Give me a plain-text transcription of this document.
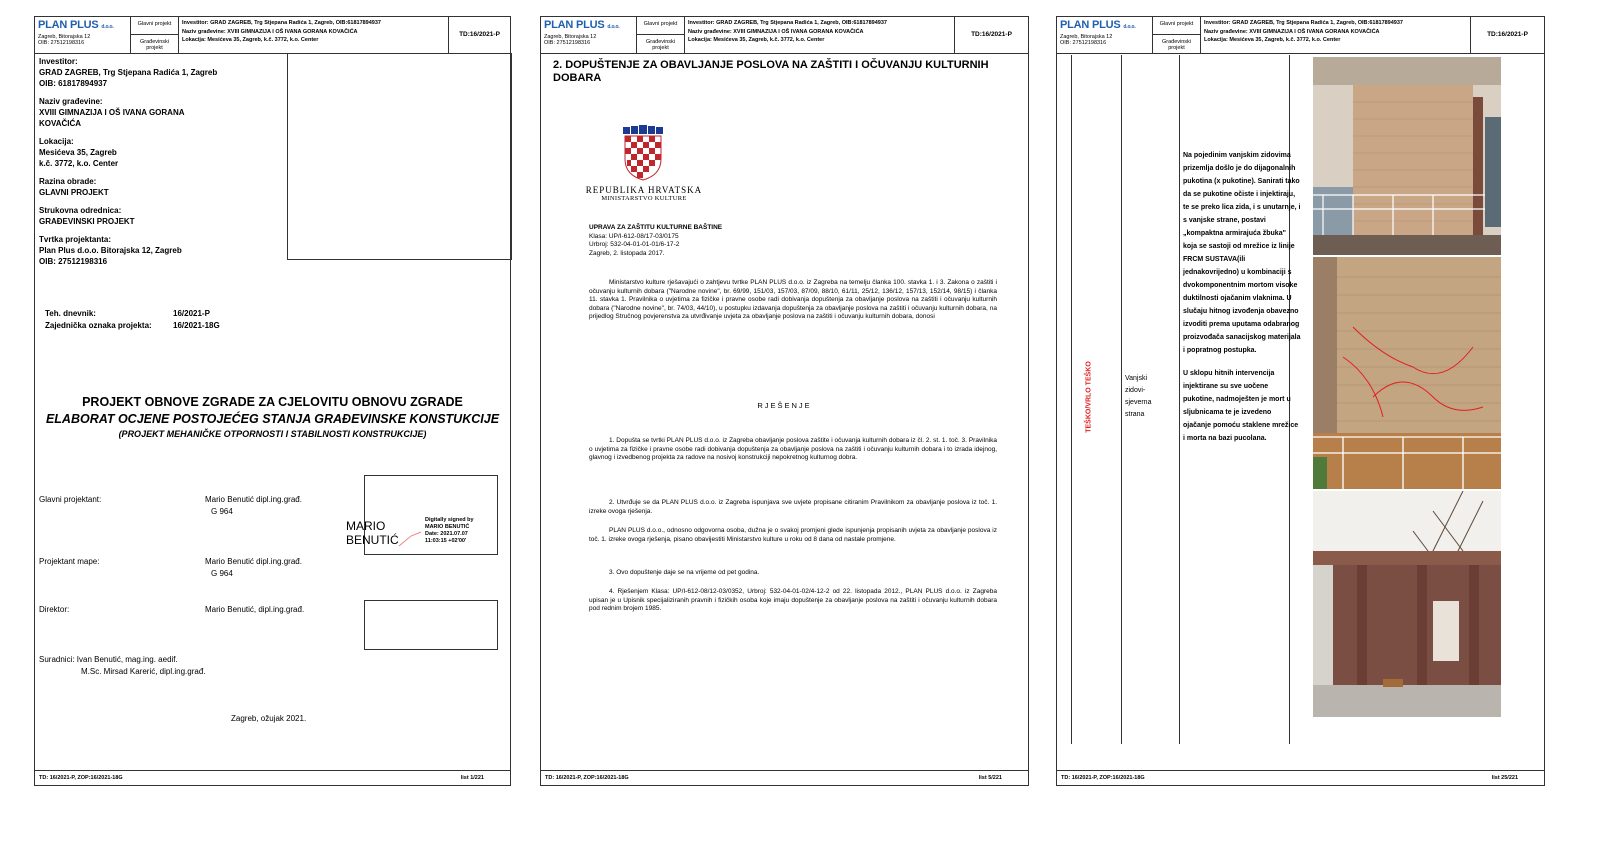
PLAN PLUS d.o.o.
Zagreb, Bitorajska 12
OIB: 27512198316
Glavni projekt
Građevinski projekt
Investitor: GRAD ZAGREB, Trg Stjepana Radića 1, Zagreb, OIB:61817894937
Naziv građevine: XVIII GIMNAZIJA I OŠ IVANA GORANA KOVAČIĆA
Lokacija: Mesićeva 35, Zagreb, k.č. 3772, k.o. Center
TD:16/2021-P
Investitor:
GRAD ZAGREB, Trg Stjepana Radića 1, Zagreb
OIB: 61817894937
Naziv građevine:
XVIII GIMNAZIJA I OŠ IVANA GORANA
KOVAČIĆA
Lokacija:
Mesićeva 35, Zagreb
k.č. 3772, k.o. Center
Razina obrade:
GLAVNI PROJEKT
Strukovna odrednica:
GRAĐEVINSKI PROJEKT
Tvrtka projektanta:
Plan Plus d.o.o. Bitorajska 12, Zagreb
OIB: 27512198316
Teh. dnevnik:	16/2021-P
Zajednička oznaka projekta:	16/2021-18G
PROJEKT OBNOVE ZGRADE ZA CJELOVITU OBNOVU ZGRADE
ELABORAT OCJENE POSTOJEĆEG STANJA GRAĐEVINSKE KONSTUKCIJE
(PROJEKT MEHANIČKE OTPORNOSTI I STABILNOSTI KONSTRUKCIJE)
Glavni projektant:	Mario Benutić dipl.ing.građ.
G 964
MARIO
BENUTIĆ
Digitally signed by
MARIO BENUTIĆ
Date: 2021.07.07
11:03:15 +02'00'
Projektant mape:	Mario Benutić dipl.ing.građ.
G 964
Direktor:	Mario Benutić, dipl.ing.građ.
Suradnici: Ivan Benutić, mag.ing. aedif.
M.Sc. Mirsad Karerić, dipl.ing.građ.
Zagreb, ožujak 2021.
TD: 16/2021-P, ZOP:16/2021-18G	list 1/221
PLAN PLUS d.o.o.
Zagreb, Bitorajska 12
OIB: 27512198316
Glavni projekt
Građevinski projekt
Investitor: GRAD ZAGREB, Trg Stjepana Radića 1, Zagreb, OIB:61817894937
Naziv građevine: XVIII GIMNAZIJA I OŠ IVANA GORANA KOVAČIĆA
Lokacija: Mesićeva 35, Zagreb, k.č. 3772, k.o. Center
TD:16/2021-P
2. DOPUŠTENJE ZA OBAVLJANJE POSLOVA NA ZAŠTITI I OČUVANJU KULTURNIH DOBARA
REPUBLIKA HRVATSKA
MINISTARSTVO KULTURE
UPRAVA ZA ZAŠTITU KULTURNE BAŠTINE
Klasa: UP/I-612-08/17-03/0175
Urbroj: 532-04-01-01-01/6-17-2
Zagreb, 2. listopada 2017.
Ministarstvo kulture rješavajući o zahtjevu tvrtke PLAN PLUS d.o.o. iz Zagreba na temelju članka 100. stavka 1. i 3. Zakona o zaštiti i očuvanju kulturnih dobara ("Narodne novine", br. 69/99, 151/03, 157/03, 87/09, 88/10, 61/11, 25/12, 136/12, 157/13, 152/14, 98/15) i članka 11. stavka 1. Pravilnika o uvjetima za fizičke i pravne osobe radi dobivanja dopuštenja za obavljanje poslova na zaštiti i očuvanju kulturnih dobara ("Narodne novine", br. 74/03, 44/10), u postupku izdavanja dopuštenja za obavljanje poslova na zaštiti i očuvanju kulturnih dobara, na prijedlog Stručnog povjerenstva za utvrđivanje uvjeta za obavljanje poslova na zaštiti i očuvanju kulturnih dobara, donosi
RJEŠENJE
1. Dopušta se tvrtki PLAN PLUS d.o.o. iz Zagreba obavljanje poslova zaštite i očuvanja kulturnih dobara iz čl. 2. st. 1. toč. 3. Pravilnika o uvjetima za fizičke i pravne osobe radi dobivanja dopuštenja za obavljanje poslova na zaštiti i očuvanju kulturnih dobara i to izrada idejnog, glavnog i izvedbenog projekta za radove na nosivoj konstrukciji nepokretnog kulturnog dobra.
2. Utvrđuje se da PLAN PLUS d.o.o. iz Zagreba ispunjava sve uvjete propisane citiranim Pravilnikom za obavljanje poslova iz toč. 1. izreke ovoga rješenja.
PLAN PLUS d.o.o., odnosno odgovorna osoba, dužna je o svakoj promjeni glede ispunjenja propisanih uvjeta za obavljanje poslova iz toč. 1. izreke ovoga rješenja, pisano obavijestiti Ministarstvo kulture u roku od 8 dana od nastale promjene.
3. Ovo dopuštenje daje se na vrijeme od pet godina.
4. Rješenjem Klasa: UP/I-612-08/12-03/0352, Urbroj: 532-04-01-02/4-12-2 od 22. listopada 2012., PLAN PLUS d.o.o. iz Zagreba upisan je u Upisnik specijaliziranih pravnih i fizičkih osoba koje imaju dopuštenje za obavljanje poslova na zaštiti i očuvanju kulturnih dobara pod rednim brojem 1985.
TD: 16/2021-P, ZOP:16/2021-18G	list 5/221
PLAN PLUS d.o.o.
Zagreb, Bitorajska 12
OIB: 27512198316
Glavni projekt
Građevinski projekt
Investitor: GRAD ZAGREB, Trg Stjepana Radića 1, Zagreb, OIB:61817894937
Naziv građevine: XVIII GIMNAZIJA I OŠ IVANA GORANA KOVAČIĆA
Lokacija: Mesićeva 35, Zagreb, k.č. 3772, k.o. Center
TD:16/2021-P
TEŠKO/VRLO TEŠKO	Vanjski
zidovi-
sjeverna
strana

Na pojedinim vanjskim zidovima prizemlja došlo je do dijagonalnih pukotina (x pukotine). Sanirati tako da se pukotine očiste i injektiraju, te se preko lica zida, i s unutarnje, i s vanjske strane, postavi „kompaktna armirajuća žbuka" koja se sastoji od mrežice iz linije FRCM SUSTAVA(ili jednakovrijedno) u kombinaciji s dvokomponentnim mortom visoke duktilnosti ojačanim vlaknima. U slučaju hitnog izvođenja obavezno izvoditi prema uputama odabranog proizvođača sanacijskog materijala i popratnog postupka.

U sklopu hitnih intervencija injektirane su sve uočene pukotine, nadmoješten je mort u sljubnicama te je izvedeno ojačanje pomoću staklene mrežice i morta na bazi pucolana.

TD: 16/2021-P, ZOP:16/2021-18G	list 25/221
